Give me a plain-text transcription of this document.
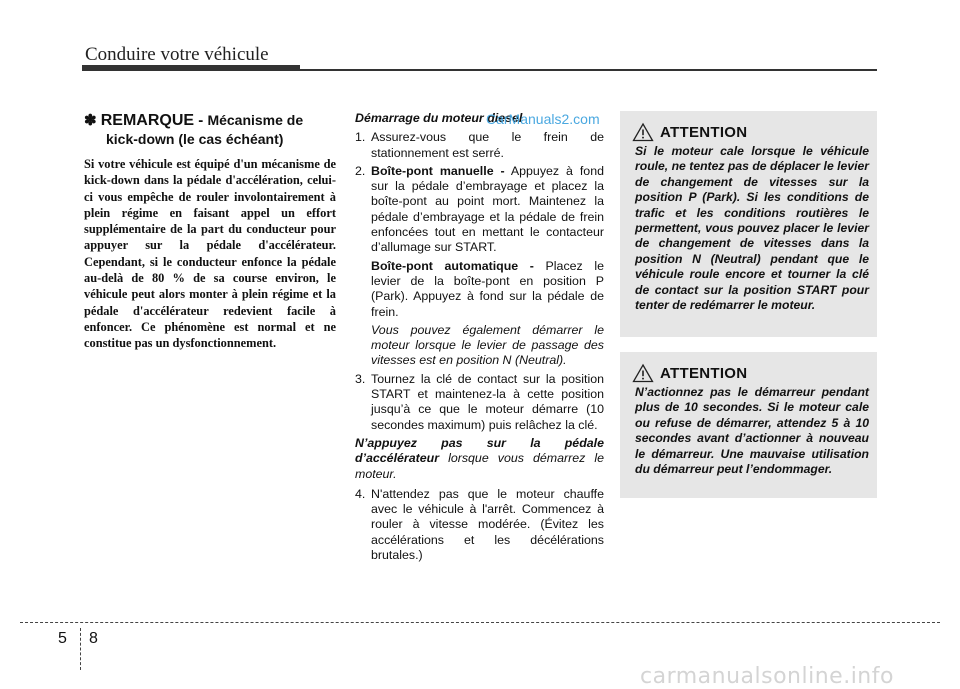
Conduire votre véhicule
✽ REMARQUE - Mécanisme de
kick-down (le cas échéant)
Si votre véhicule est équipé d'un mécanisme de kick-down dans la pédale d'accélération, celui-ci vous empêche de rouler involontairement à plein régime en faisant appel un effort supplémentaire de la part du conducteur pour appuyer sur la pédale d'accélérateur. Cependant, si le conducteur enfonce la pédale au-delà de 80 % de sa course environ, le véhicule peut alors monter à plein régime et la pédale d'accélérateur redevient facile à enfoncer. Ce phénomène est normal et ne constitue pas un dysfonctionnement.
Démarrage du moteur diesel
1. Assurez-vous que le frein de stationnement est serré.

2. Boîte-pont manuelle - Appuyez à fond sur la pédale d’embrayage et placez la boîte-pont au point mort. Maintenez la pédale d’embrayage et la pédale de frein enfoncées tout en mettant le contacteur d’allumage sur START.

Boîte-pont automatique - Placez le levier de la boîte-pont en position P (Park). Appuyez à fond sur la pédale de frein.

Vous pouvez également démarrer le moteur lorsque le levier de passage des vitesses est en position N (Neutral).

3. Tournez la clé de contact sur la position START et maintenez-la à cette position jusqu’à ce que le moteur démarre (10 secondes maximum) puis relâchez la clé.

N’appuyez pas sur la pédale d’accélérateur lorsque vous démarrez le moteur.

4. N'attendez pas que le moteur chauffe avec le véhicule à l'arrêt. Commencez à rouler à vitesse modérée. (Évitez les accélérations et les décélérations brutales.)

CarManuals2.com
ATTENTION
Si le moteur cale lorsque le véhicule roule, ne tentez pas de déplacer le levier de changement de vitesses sur la position P (Park). Si les conditions de trafic et les conditions routières le permettent, vous pouvez placer le levier de changement de vitesses dans la position N (Neutral) pendant que le véhicule roule encore et tourner la clé de contact sur la position START pour tenter de redémarrer le moteur.
ATTENTION
N’actionnez pas le démarreur pendant plus de 10 secondes. Si le moteur cale ou refuse de démarrer, attendez 5 à 10 secondes avant d’actionner à nouveau le démarreur. Une mauvaise utilisation du démarreur peut l’endommager.
5 8
carmanualsonline.info
